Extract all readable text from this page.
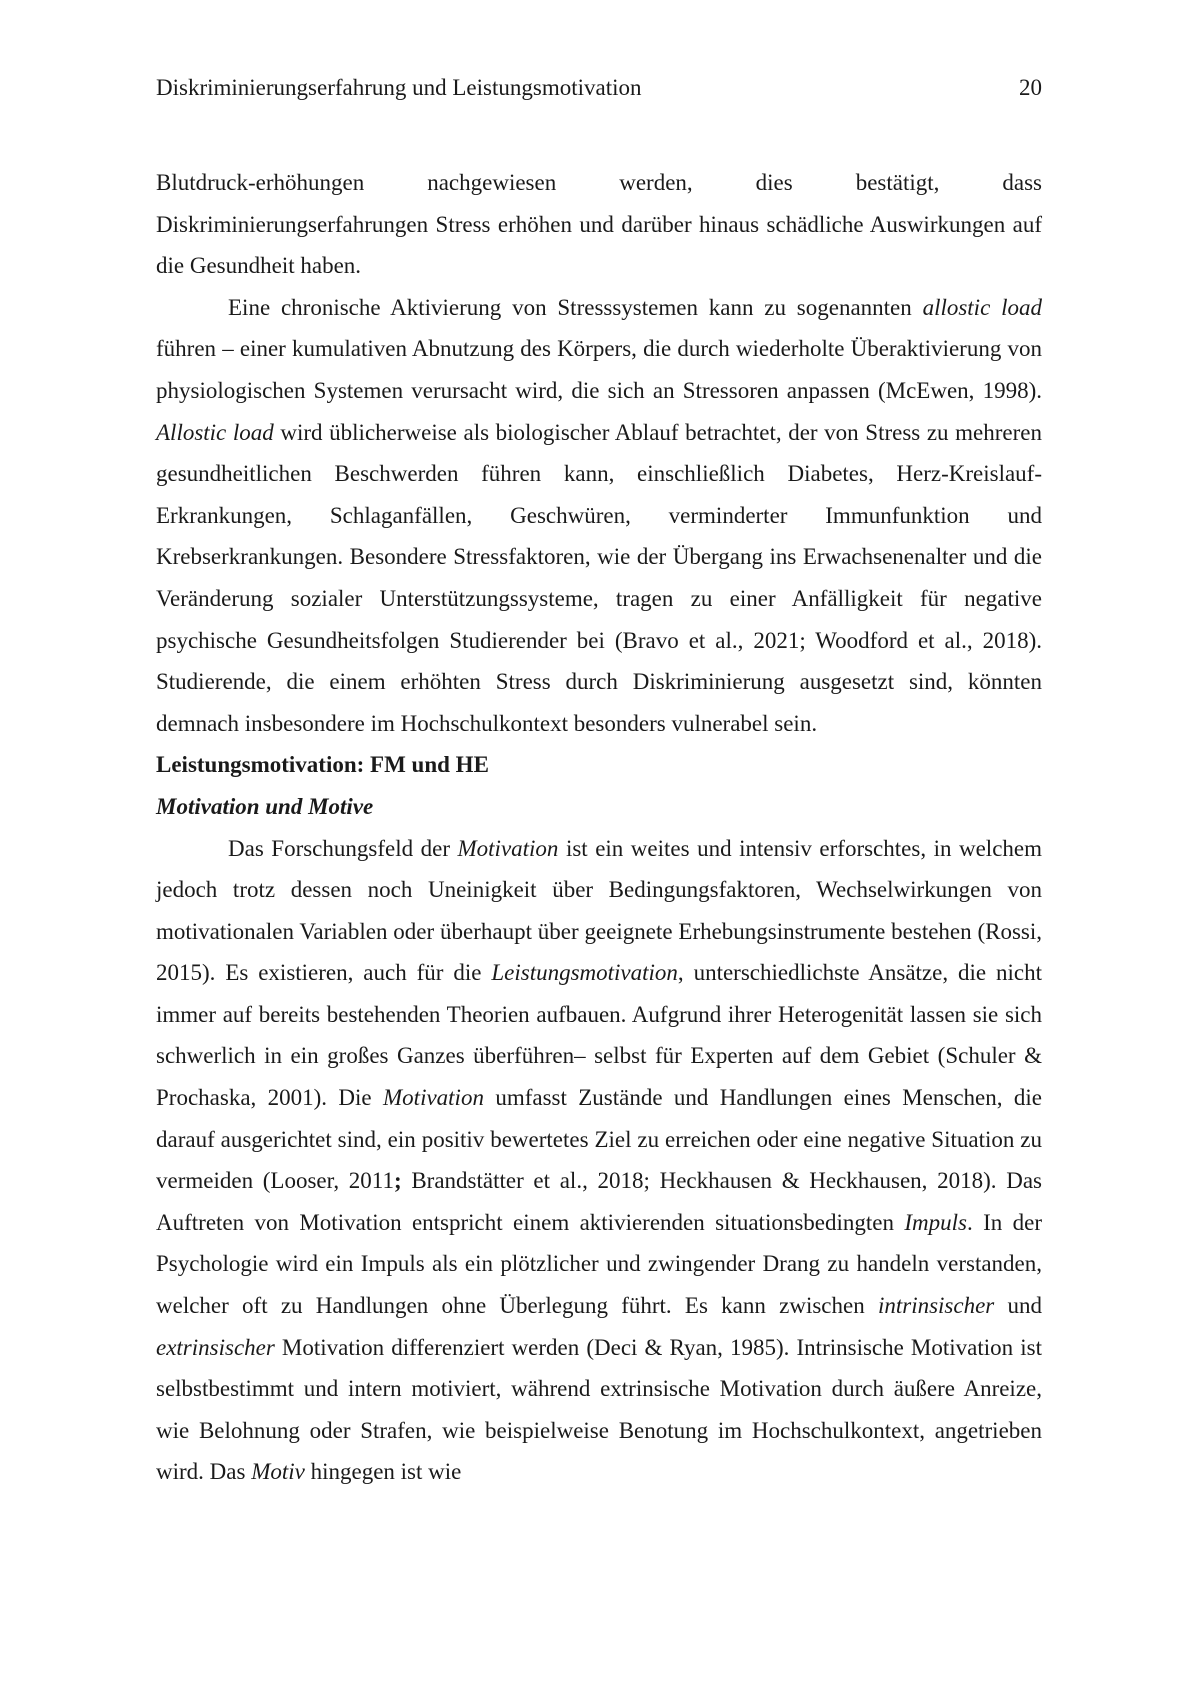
Diskriminierungserfahrung und Leistungsmotivation	20

Blutdruck-erhöhungen nachgewiesen werden, dies bestätigt, dass
Diskriminierungserfahrungen Stress erhöhen und darüber hinaus schädliche Auswirkungen auf die Gesundheit haben.

Eine chronische Aktivierung von Stresssystemen kann zu sogenannten allostic load führen – einer kumulativen Abnutzung des Körpers, die durch wiederholte Überaktivierung von physiologischen Systemen verursacht wird, die sich an Stressoren anpassen (McEwen, 1998). Allostic load wird üblicherweise als biologischer Ablauf betrachtet, der von Stress zu mehreren gesundheitlichen Beschwerden führen kann, einschließlich Diabetes, Herz-Kreislauf-Erkrankungen, Schlaganfällen, Geschwüren, verminderter Immunfunktion und Krebserkrankungen. Besondere Stressfaktoren, wie der Übergang ins Erwachsenenalter und die Veränderung sozialer Unterstützungssysteme, tragen zu einer Anfälligkeit für negative psychische Gesundheitsfolgen Studierender bei (Bravo et al., 2021; Woodford et al., 2018). Studierende, die einem erhöhten Stress durch Diskriminierung ausgesetzt sind, könnten demnach insbesondere im Hochschulkontext besonders vulnerabel sein.

Leistungsmotivation: FM und HE
Motivation und Motive

Das Forschungsfeld der Motivation ist ein weites und intensiv erforschtes, in welchem jedoch trotz dessen noch Uneinigkeit über Bedingungsfaktoren, Wechselwirkungen von motivationalen Variablen oder überhaupt über geeignete Erhebungsinstrumente bestehen (Rossi, 2015). Es existieren, auch für die Leistungsmotivation, unterschiedlichste Ansätze, die nicht immer auf bereits bestehenden Theorien aufbauen. Aufgrund ihrer Heterogenität lassen sie sich schwerlich in ein großes Ganzes überführen– selbst für Experten auf dem Gebiet (Schuler & Prochaska, 2001). Die Motivation umfasst Zustände und Handlungen eines Menschen, die darauf ausgerichtet sind, ein positiv bewertetes Ziel zu erreichen oder eine negative Situation zu vermeiden (Looser, 2011; Brandstätter et al., 2018; Heckhausen & Heckhausen, 2018). Das Auftreten von Motivation entspricht einem aktivierenden situationsbedingten Impuls. In der Psychologie wird ein Impuls als ein plötzlicher und zwingender Drang zu handeln verstanden, welcher oft zu Handlungen ohne Überlegung führt. Es kann zwischen intrinsischer und extrinsischer Motivation differenziert werden (Deci & Ryan, 1985). Intrinsische Motivation ist selbstbestimmt und intern motiviert, während extrinsische Motivation durch äußere Anreize, wie Belohnung oder Strafen, wie beispielweise Benotung im Hochschulkontext, angetrieben wird. Das Motiv hingegen ist wie
